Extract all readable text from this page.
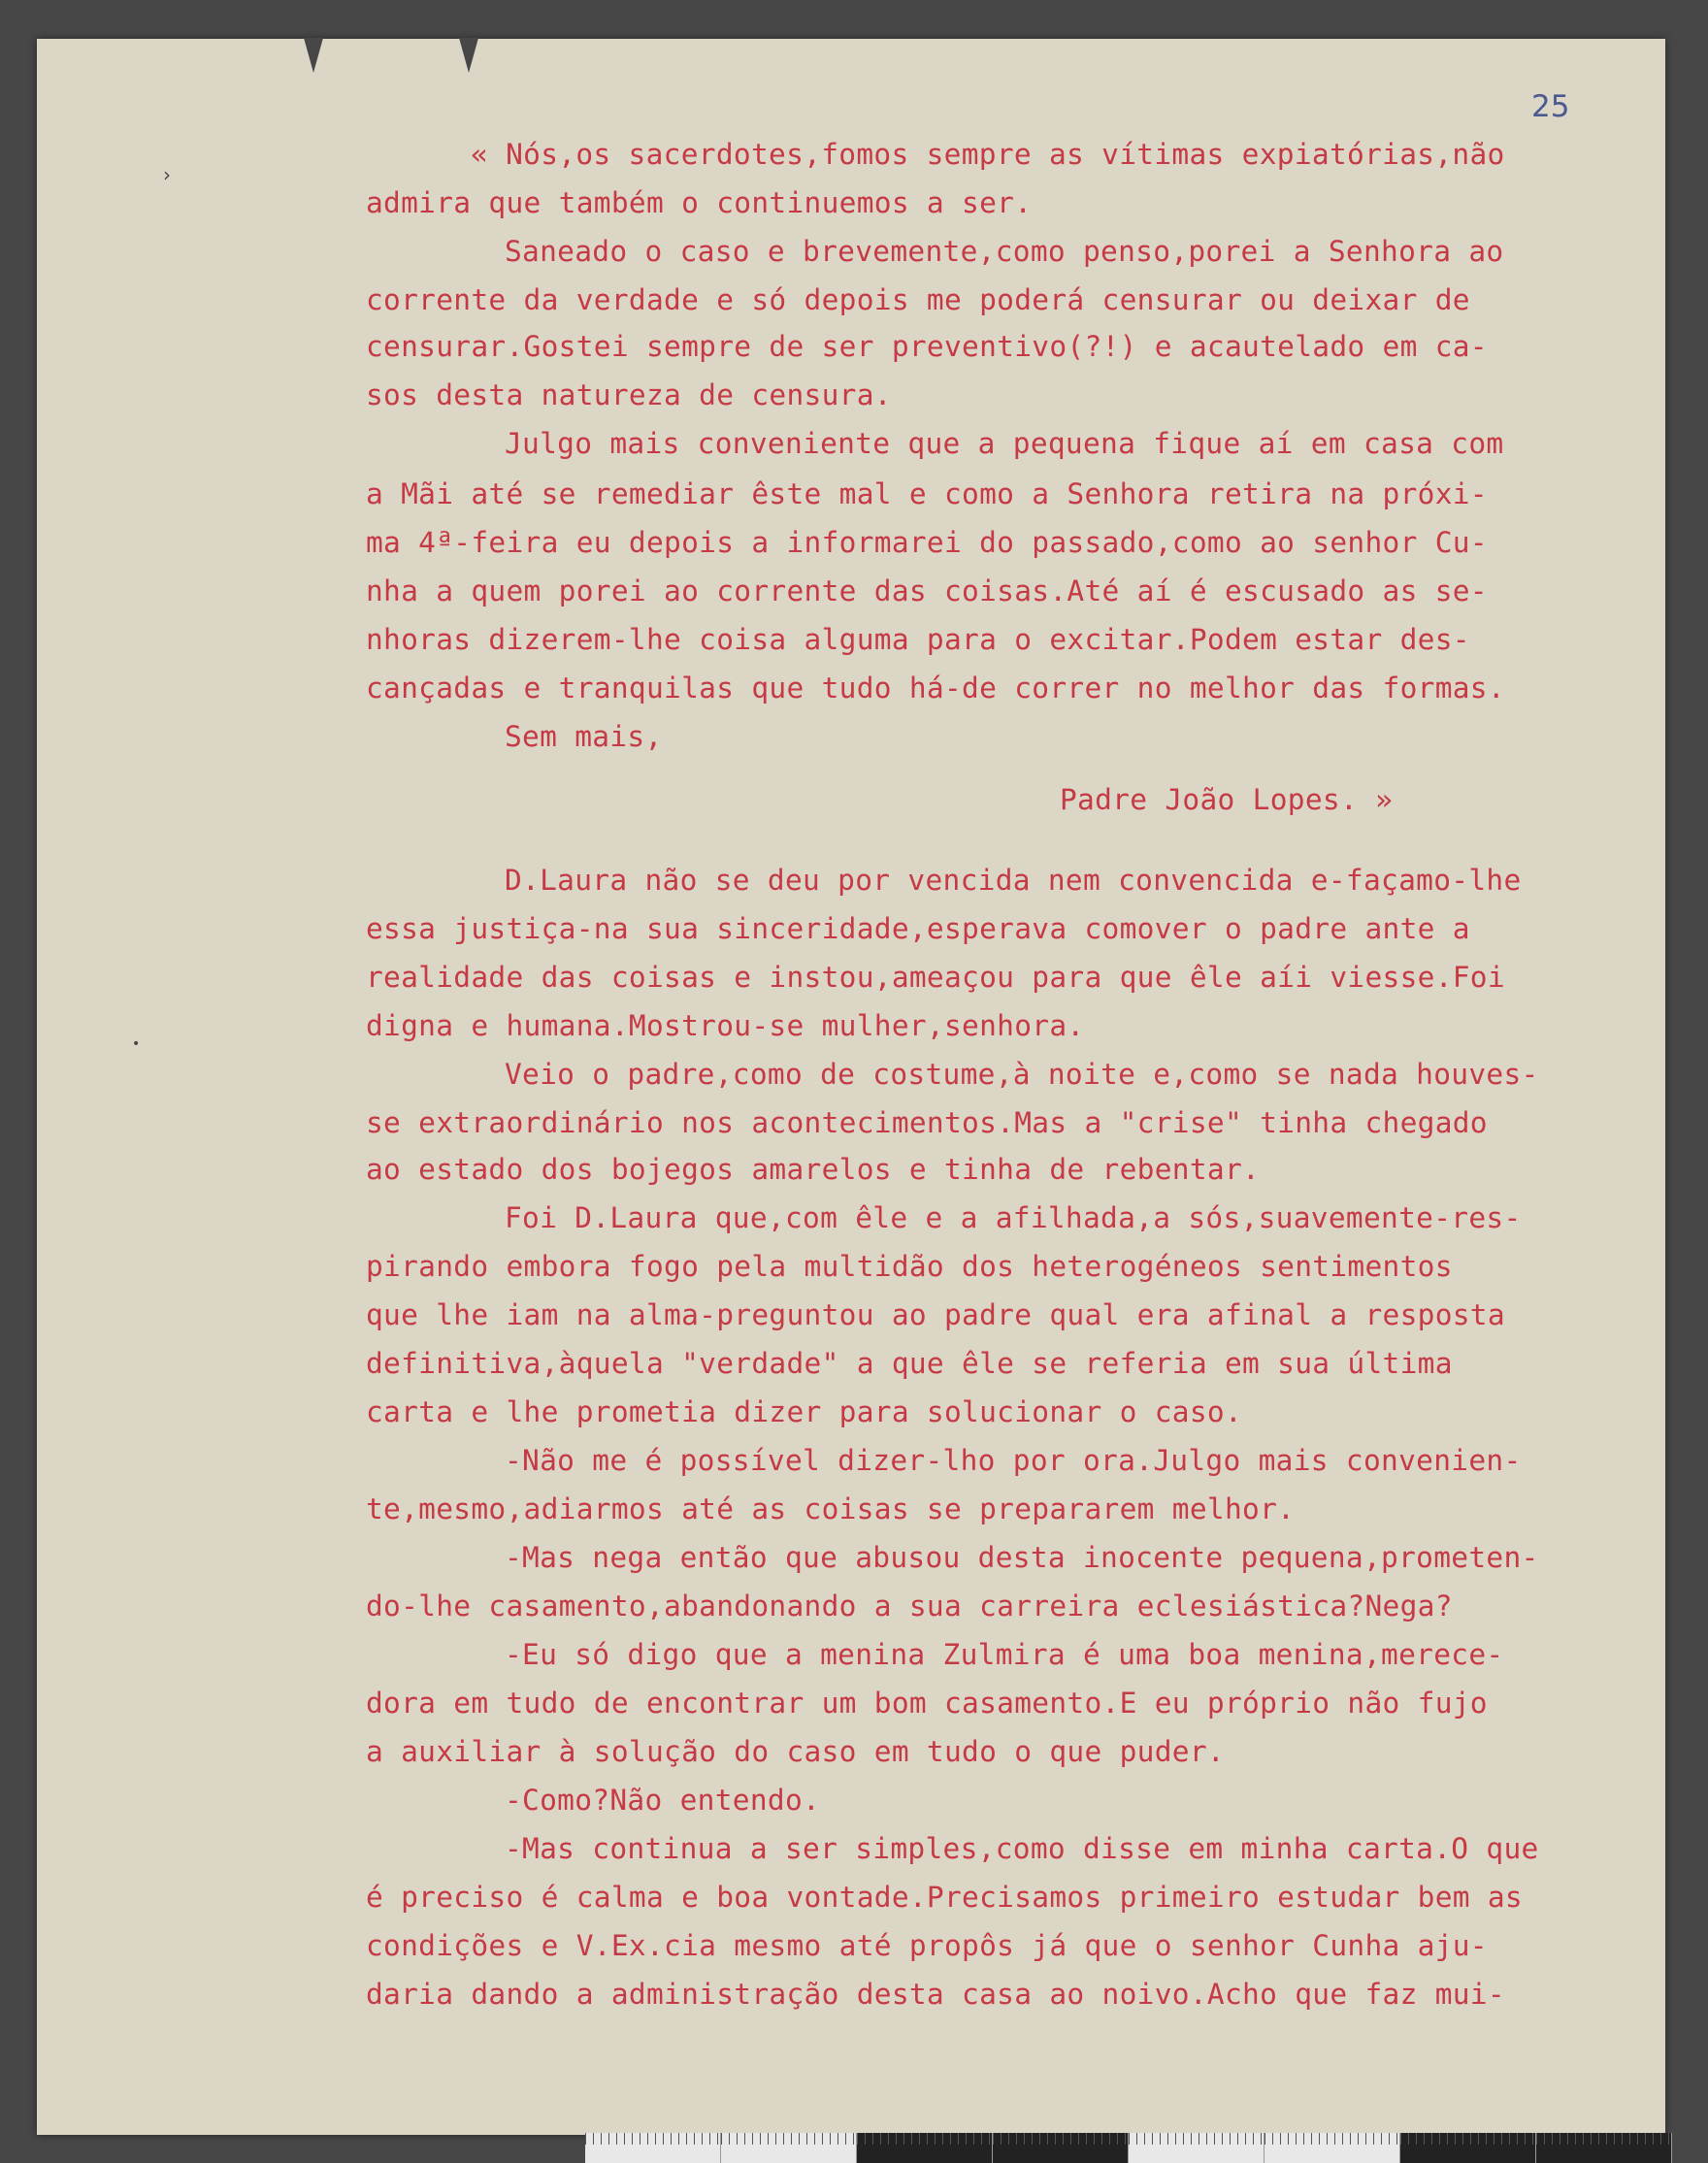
25
›
•
« Nós,os sacerdotes,fomos sempre as vítimas expiatórias,não
admira que também o continuemos a ser.
Saneado o caso e brevemente,como penso,porei a Senhora ao
corrente da verdade e só depois me poderá censurar ou deixar de
censurar.Gostei sempre de ser preventivo(?!) e acautelado em ca-
sos desta natureza de censura.
Julgo mais conveniente que a pequena fique aí em casa com
a Mãi até se remediar êste mal e como a Senhora retira na próxi-
ma 4ª-feira eu depois a informarei do passado,como ao senhor Cu-
nha a quem porei ao corrente das coisas.Até aí é escusado as se-
nhoras dizerem-lhe coisa alguma para o excitar.Podem estar des-
cançadas e tranquilas que tudo há-de correr no melhor das formas.
Sem mais,
Padre João Lopes. »
D.Laura não se deu por vencida nem convencida e-façamo-lhe
essa justiça-na sua sinceridade,esperava comover o padre ante a
realidade das coisas e instou,ameaçou para que êle aíi viesse.Foi
digna e humana.Mostrou-se mulher,senhora.
Veio o padre,como de costume,à noite e,como se nada houves-
se extraordinário nos acontecimentos.Mas a "crise" tinha chegado
ao estado dos bojegos amarelos e tinha de rebentar.
Foi D.Laura que,com êle e a afilhada,a sós,suavemente-res-
pirando embora fogo pela multidão dos heterogéneos sentimentos
que lhe iam na alma-preguntou ao padre qual era afinal a resposta
definitiva,àquela "verdade" a que êle se referia em sua última
carta e lhe prometia dizer para solucionar o caso.
-Não me é possível dizer-lho por ora.Julgo mais convenien-
te,mesmo,adiarmos até as coisas se prepararem melhor.
-Mas nega então que abusou desta inocente pequena,prometen-
do-lhe casamento,abandonando a sua carreira eclesiástica?Nega?
-Eu só digo que a menina Zulmira é uma boa menina,merece-
dora em tudo de encontrar um bom casamento.E eu próprio não fujo
a auxiliar à solução do caso em tudo o que puder.
-Como?Não entendo.
-Mas continua a ser simples,como disse em minha carta.O que
é preciso é calma e boa vontade.Precisamos primeiro estudar bem as
condições e V.Ex.cia mesmo até propôs já que o senhor Cunha aju-
daria dando a administração desta casa ao noivo.Acho que faz mui-
